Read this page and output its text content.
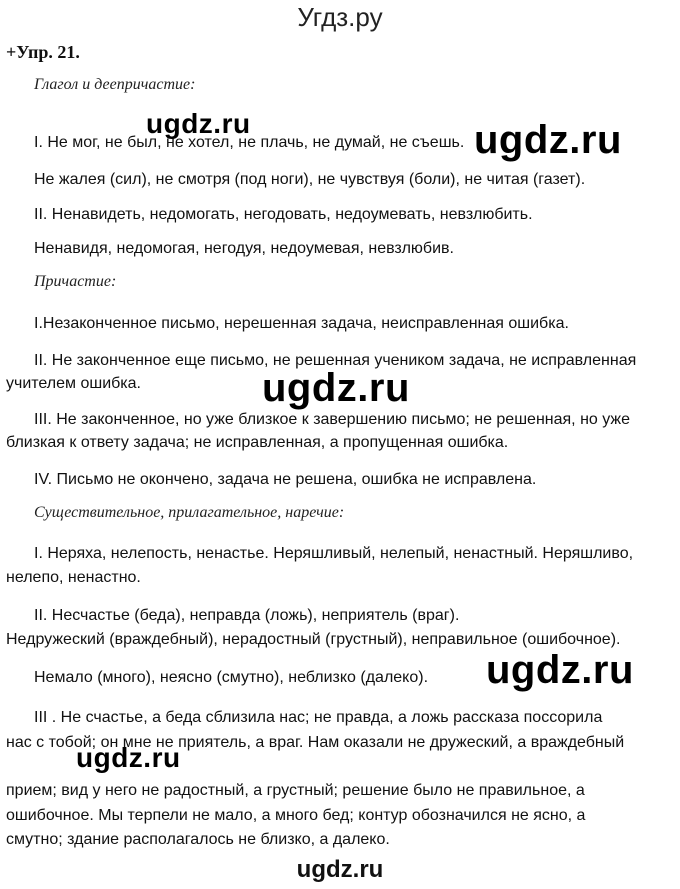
Угдз.ру
+Упр. 21.
Глагол и деепричастие:
I. Не мог, не был, не хотел, не плачь, не думай, не съешь.
Не жалея (сил), не смотря (под ноги), не чувствуя (боли), не читая (газет).
II. Ненавидеть, недомогать, негодовать, недоумевать, невзлюбить.
Ненавидя, недомогая, негодуя, недоумевая, невзлюбив.
Причастие:
I.Незаконченное письмо, нерешенная задача, неисправленная ошибка.
II. Не законченное еще письмо, не решенная учеником задача, не исправленная
учителем ошибка.
III. Не законченное, но уже близкое к завершению письмо; не решенная, но уже
близкая к ответу задача; не исправленная, а пропущенная ошибка.
IV. Письмо не окончено, задача не решена, ошибка не исправлена.
Существительное, прилагательное, наречие:
I. Неряха, нелепость, ненастье. Неряшливый, нелепый, ненастный. Неряшливо,
нелепо, ненастно.
II. Несчастье (беда), неправда (ложь), неприятель (враг).
Недружеский (враждебный), нерадостный (грустный), неправильное (ошибочное).
Немало (много), неясно (смутно), неблизко (далеко).
III . Не счастье, а беда сблизила нас; не правда, а ложь рассказа поссорила
нас с тобой; он мне не приятель, а враг. Нам оказали не дружеский, а враждебный
прием; вид у него не радостный, а грустный; решение было не правильное, а
ошибочное. Мы терпели не мало, а много бед; контур обозначился не ясно, а
смутно; здание располагалось не близко, а далеко.
ugdz.ru	ugdz.ru
ugdz.ru
ugdz.ru
ugdz.ru
ugdz.ru
